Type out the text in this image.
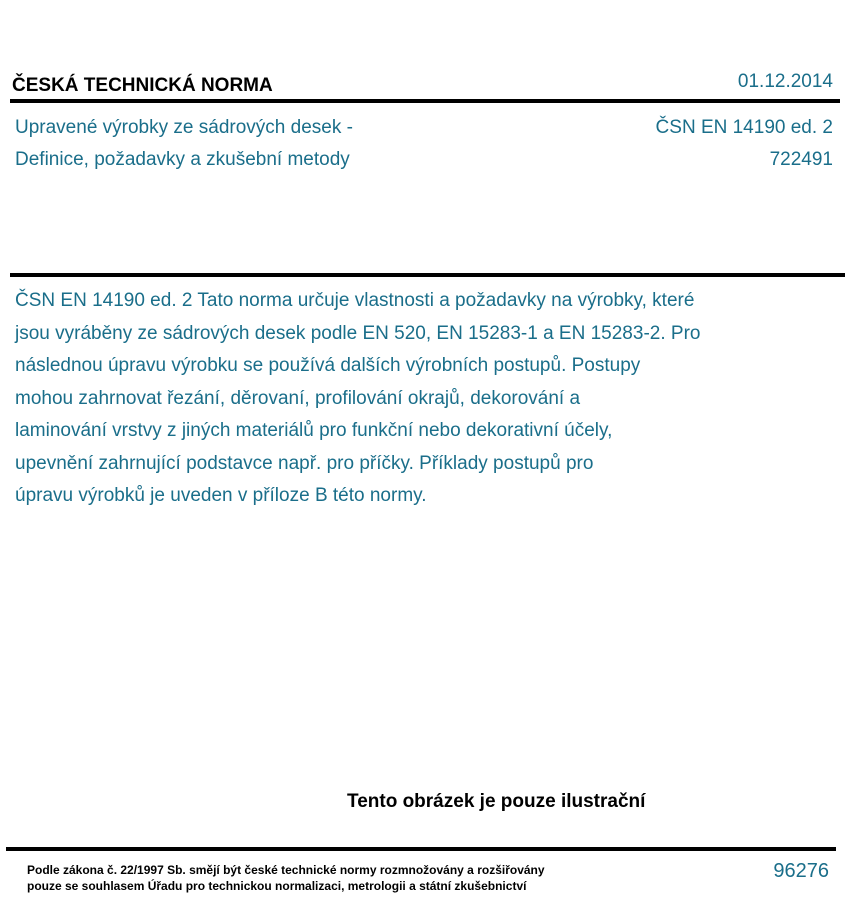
ČESKÁ TECHNICKÁ NORMA	01.12.2014
Upravené výrobky ze sádrových desek -
Definice, požadavky a zkušební metody
ČSN EN 14190 ed. 2
722491
ČSN EN 14190 ed. 2 Tato norma určuje vlastnosti a požadavky na výrobky, které
jsou vyráběny ze sádrových desek podle EN 520, EN 15283-1 a EN 15283-2. Pro
následnou úpravu výrobku se používá dalších výrobních postupů. Postupy
mohou zahrnovat řezání, děrovaní, profilování okrajů, dekorování a
laminování vrstvy z jiných materiálů pro funkční nebo dekorativní účely,
upevnění zahrnující podstavce např. pro příčky. Příklady postupů pro
úpravu výrobků je uveden v příloze B této normy.
Tento obrázek je pouze ilustrační
Podle zákona č. 22/1997 Sb. smějí být české technické normy rozmnožovány a rozšiřovány
pouze se souhlasem Úřadu pro technickou normalizaci, metrologii a státní zkušebnictví
96276
